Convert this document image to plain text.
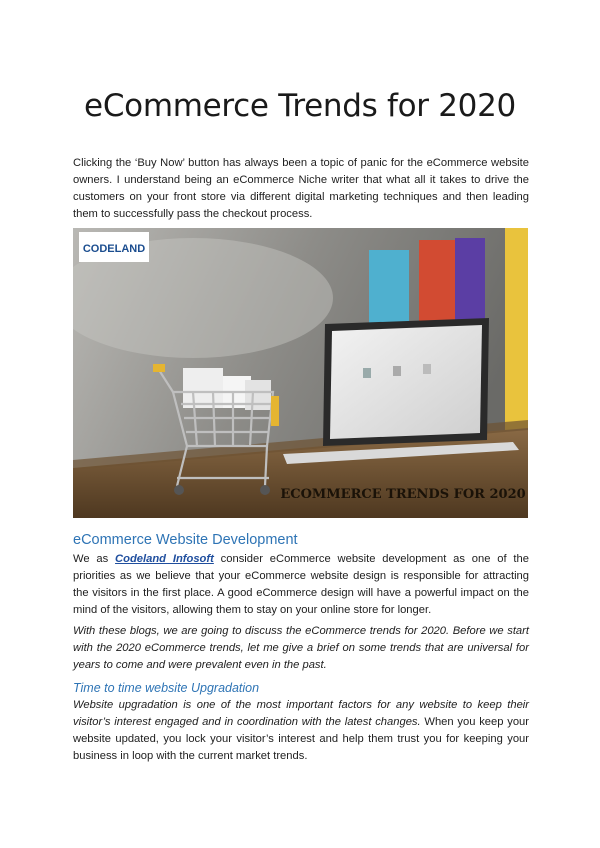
eCommerce Trends for 2020

Clicking the ‘Buy Now’ button has always been a topic of panic for the eCommerce website owners. I understand being an eCommerce Niche writer that what all it takes to drive the customers on your front store via different digital marketing techniques and then leading them to successfully pass the checkout process.

CODELAND
ECOMMERCE TRENDS FOR 2020
eCommerce Website Development

We as Codeland Infosoft consider eCommerce website development as one of the priorities as we believe that your eCommerce website design is responsible for attracting the visitors in the first place. A good eCommerce design will have a powerful impact on the mind of the visitors, allowing them to stay on your online store for longer.

With these blogs, we are going to discuss the eCommerce trends for 2020. Before we start with the 2020 eCommerce trends, let me give a brief on some trends that are universal for years to come and were prevalent even in the past.

Time to time website Upgradation

Website upgradation is one of the most important factors for any website to keep their visitor’s interest engaged and in coordination with the latest changes. When you keep your website updated, you lock your visitor’s interest and help them trust you for keeping your business in loop with the current market trends.
